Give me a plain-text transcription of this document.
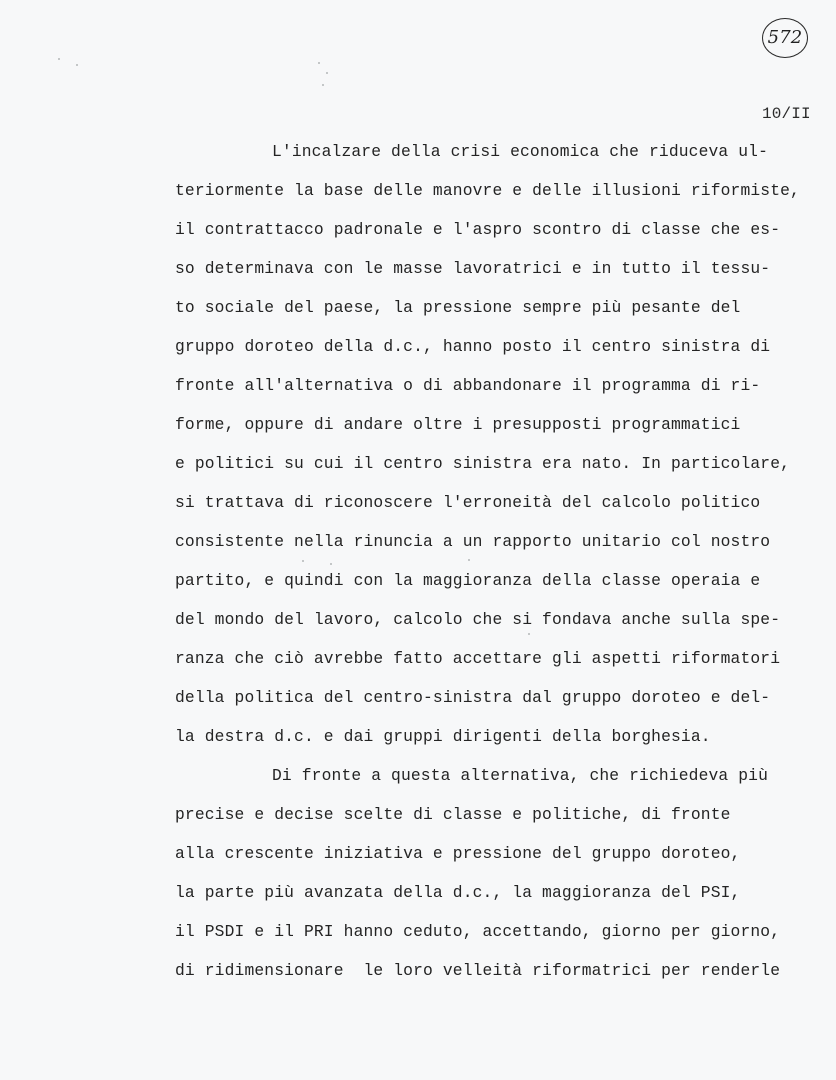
572
10/II
L'incalzare della crisi economica che riduceva ul-
teriormente la base delle manovre e delle illusioni riformiste,
il contrattacco padronale e l'aspro scontro di classe che es-
so determinava con le masse lavoratrici e in tutto il tessu-
to sociale del paese, la pressione sempre più pesante del
gruppo doroteo della d.c., hanno posto il centro sinistra di
fronte all'alternativa o di abbandonare il programma di ri-
forme, oppure di andare oltre i presupposti programmatici
e politici su cui il centro sinistra era nato. In particolare,
si trattava di riconoscere l'erroneità del calcolo politico
consistente nella rinuncia a un rapporto unitario col nostro
partito, e quindi con la maggioranza della classe operaia e
del mondo del lavoro, calcolo che si fondava anche sulla spe-
ranza che ciò avrebbe fatto accettare gli aspetti riformatori
della politica del centro-sinistra dal gruppo doroteo e del-
la destra d.c. e dai gruppi dirigenti della borghesia.
Di fronte a questa alternativa, che richiedeva più
precise e decise scelte di classe e politiche, di fronte
alla crescente iniziativa e pressione del gruppo doroteo,
la parte più avanzata della d.c., la maggioranza del PSI,
il PSDI e il PRI hanno ceduto, accettando, giorno per giorno,
di ridimensionare  le loro velleità riformatrici per renderle
